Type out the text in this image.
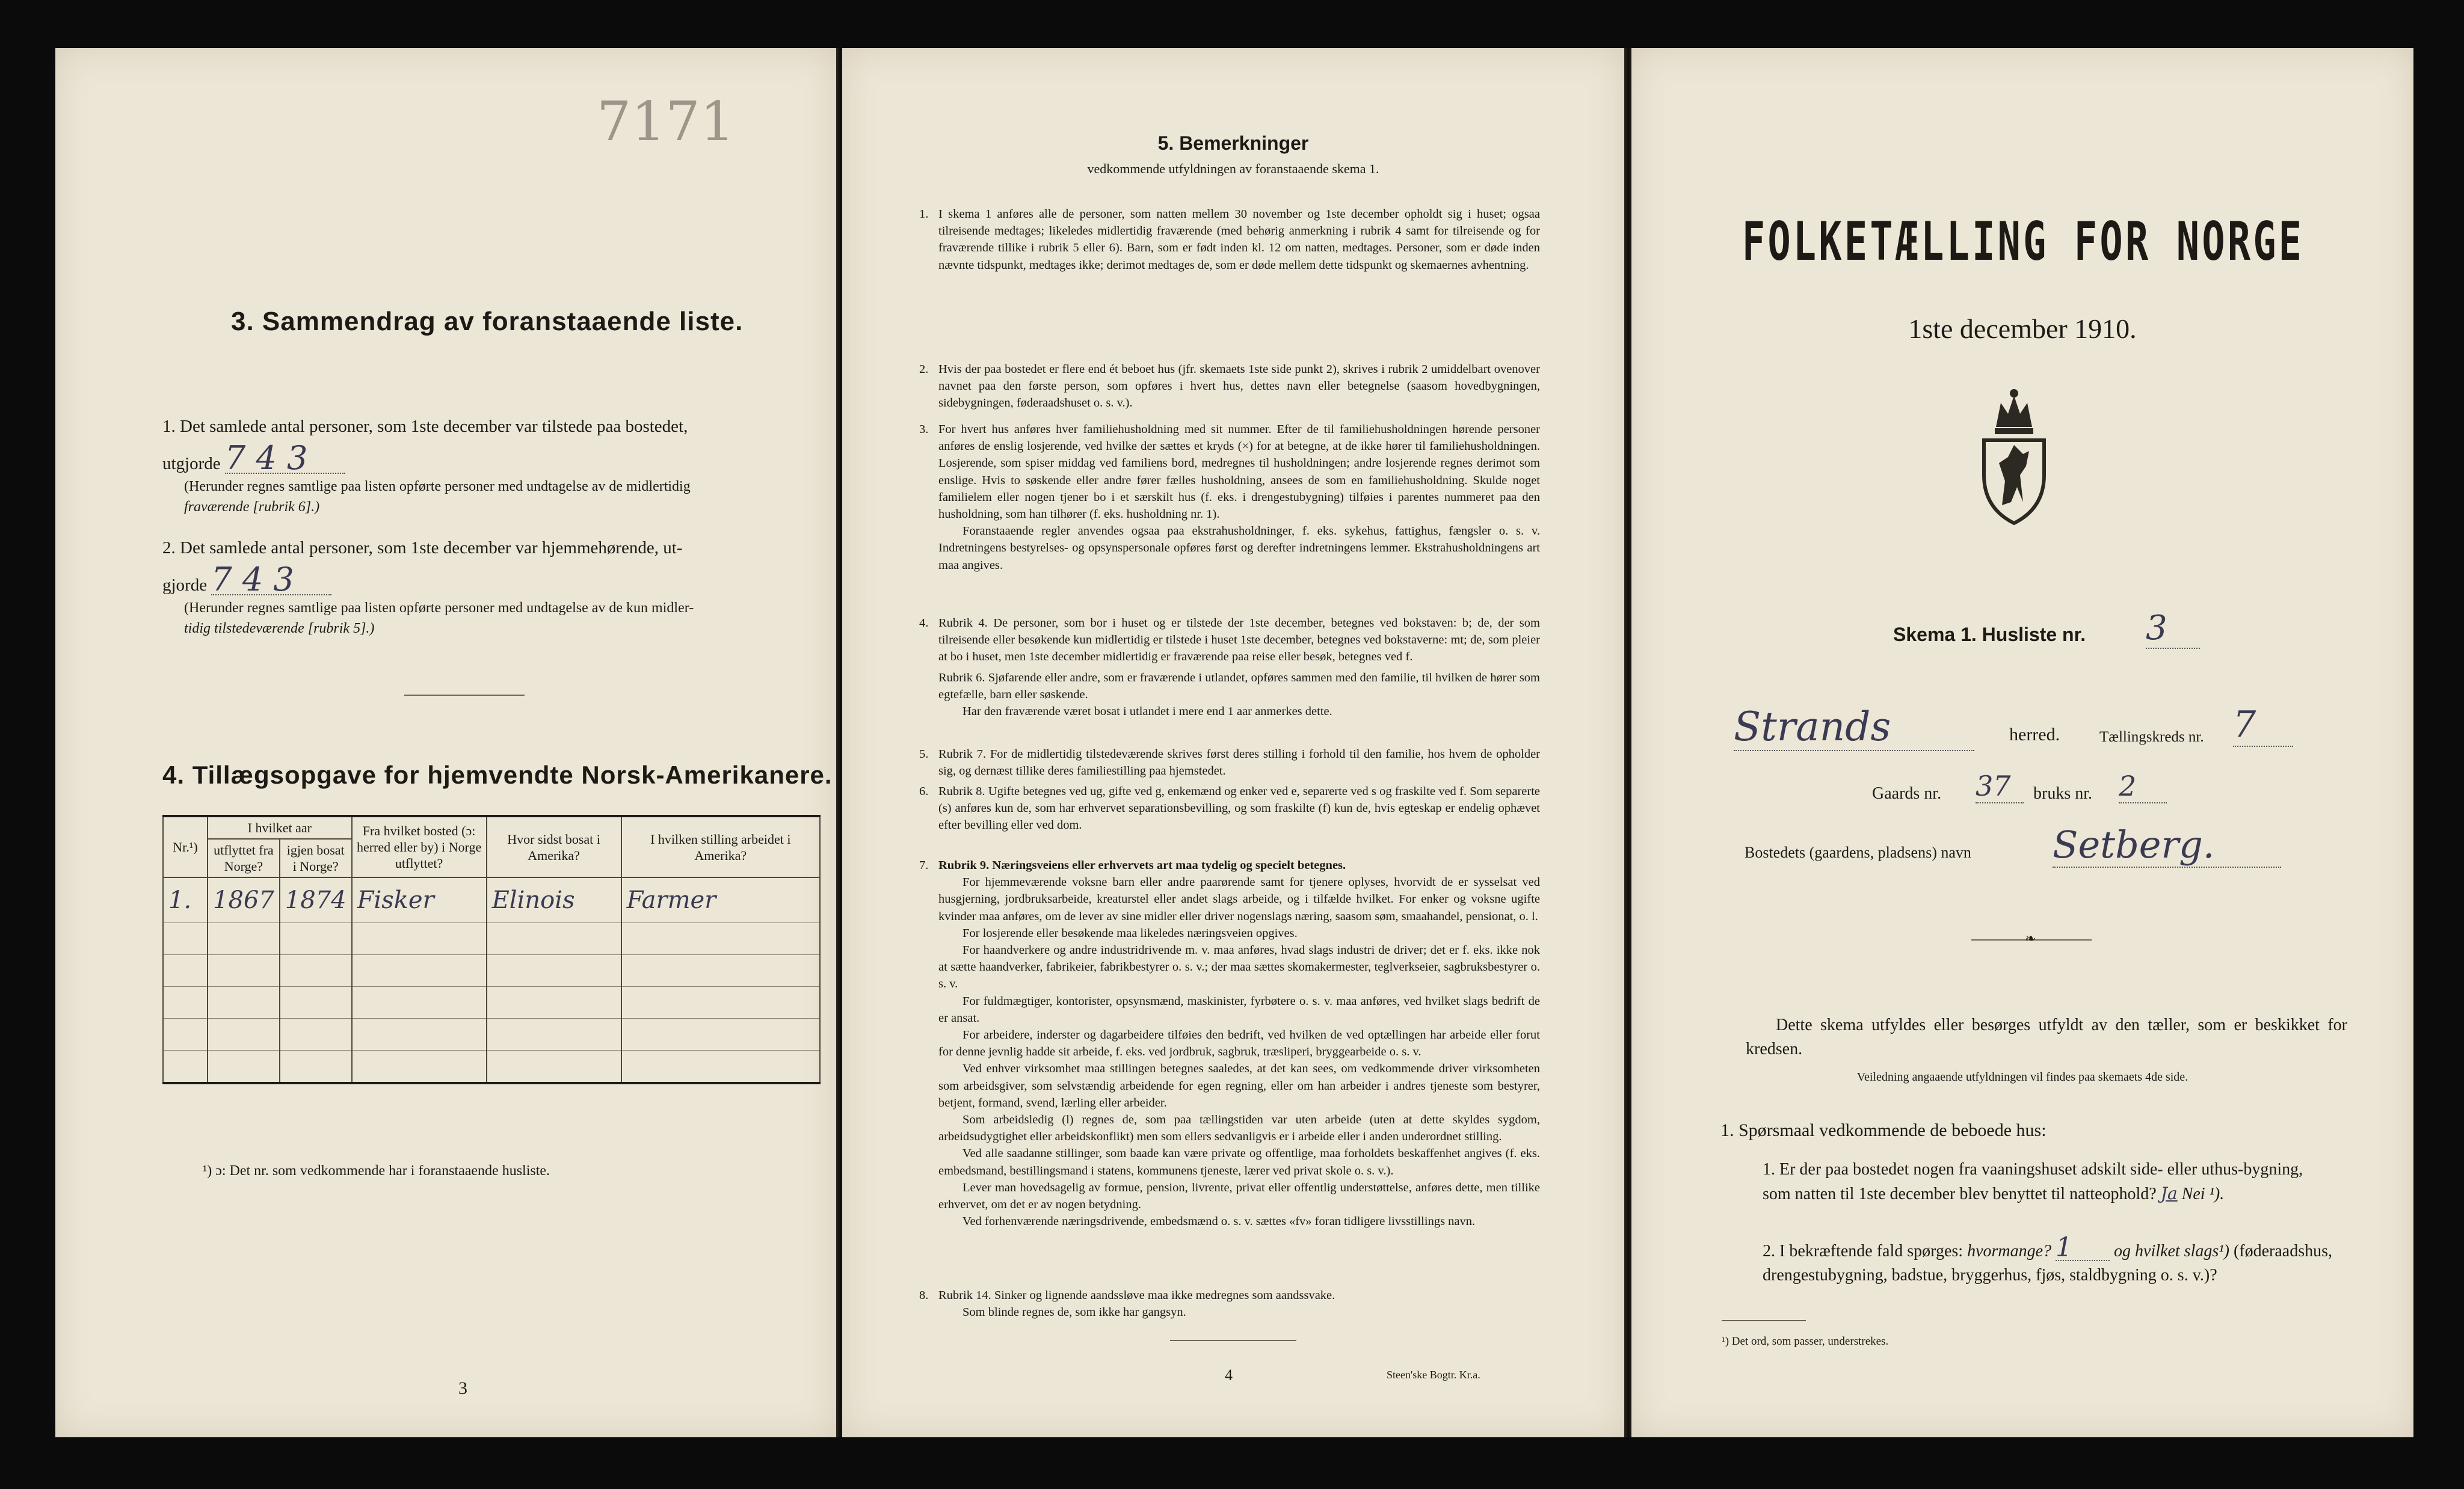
7171
3. Sammendrag av foranstaaende liste.
1. Det samlede antal personer, som 1ste december var tilstede paa bostedet,
utgjorde 7 4 3
(Herunder regnes samtlige paa listen opførte personer med undtagelse av de midlertidig
fraværende [rubrik 6].)
2. Det samlede antal personer, som 1ste december var hjemmehørende, ut-
gjorde 7 4 3
(Herunder regnes samtlige paa listen opførte personer med undtagelse av de kun midler-
tidig tilstedeværende [rubrik 5].)
4. Tillægsopgave for hjemvendte Norsk-Amerikanere.
Nr.¹)	I hvilket aar		Fra hvilket bosted (ɔ: herred eller by) i Norge utflyttet?	Hvor sidst bosat i Amerika?	I hvilken stilling arbeidet i Amerika?
	utflyttet fra Norge?	igjen bosat i Norge?			
1.	1867	1874	Fisker	Elinois	Farmer

¹) ɔ: Det nr. som vedkommende har i foranstaaende husliste.
3
5. Bemerkninger
vedkommende utfyldningen av foranstaaende skema 1.
1. I skema 1 anføres alle de personer, som natten mellem 30 november og 1ste december opholdt sig i huset; ogsaa tilreisende medtages; likeledes midlertidig fraværende (med behørig anmerkning i rubrik 4 samt for tilreisende og for fraværende tillike i rubrik 5 eller 6). Barn, som er født inden kl. 12 om natten, medtages. Personer, som er døde inden nævnte tidspunkt, medtages ikke; derimot medtages de, som er døde mellem dette tidspunkt og skemaernes avhentning.
2. Hvis der paa bostedet er flere end ét beboet hus (jfr. skemaets 1ste side punkt 2), skrives i rubrik 2 umiddelbart ovenover navnet paa den første person, som opføres i hvert hus, dettes navn eller betegnelse (saasom hovedbygningen, sidebygningen, føderaadshuset o. s. v.).
3. For hvert hus anføres hver familiehusholdning med sit nummer. Efter de til familiehusholdningen hørende personer anføres de enslig losjerende, ved hvilke der sættes et kryds (×) for at betegne, at de ikke hører til familiehusholdningen. Losjerende, som spiser middag ved familiens bord, medregnes til husholdningen; andre losjerende regnes derimot som enslige. Hvis to søskende eller andre fører fælles husholdning, ansees de som en familiehusholdning. Skulde noget familielem eller nogen tjener bo i et særskilt hus (f. eks. i drengestubygning) tilføies i parentes nummeret paa den husholdning, som han tilhører (f. eks. husholdning nr. 1).
Foranstaaende regler anvendes ogsaa paa ekstrahusholdninger, f. eks. sykehus, fattighus, fængsler o. s. v. Indretningens bestyrelses- og opsynspersonale opføres først og derefter indretningens lemmer. Ekstrahusholdningens art maa angives.
4. Rubrik 4. De personer, som bor i huset og er tilstede der 1ste december, betegnes ved bokstaven: b; de, der som tilreisende eller besøkende kun midlertidig er tilstede i huset 1ste december, betegnes ved bokstaverne: mt; de, som pleier at bo i huset, men 1ste december midlertidig er fraværende paa reise eller besøk, betegnes ved f.
Rubrik 6. Sjøfarende eller andre, som er fraværende i utlandet, opføres sammen med den familie, til hvilken de hører som egtefælle, barn eller søskende.
Har den fraværende været bosat i utlandet i mere end 1 aar anmerkes dette.
5. Rubrik 7. For de midlertidig tilstedeværende skrives først deres stilling i forhold til den familie, hos hvem de opholder sig, og dernæst tillike deres familiestilling paa hjemstedet.
6. Rubrik 8. Ugifte betegnes ved ug, gifte ved g, enkemænd og enker ved e, separerte ved s og fraskilte ved f. Som separerte (s) anføres kun de, som har erhvervet separationsbevilling, og som fraskilte (f) kun de, hvis egteskap er endelig ophævet efter bevilling eller ved dom.
7. Rubrik 9. Næringsveiens eller erhvervets art maa tydelig og specielt betegnes.
For hjemmeværende voksne barn eller andre paarørende samt for tjenere oplyses, hvorvidt de er sysselsat ved husgjerning, jordbruksarbeide, kreaturstel eller andet slags arbeide, og i tilfælde hvilket. For enker og voksne ugifte kvinder maa anføres, om de lever av sine midler eller driver nogenslags næring, saasom søm, smaahandel, pensionat, o. l.
For losjerende eller besøkende maa likeledes næringsveien opgives.
For haandverkere og andre industridrivende m. v. maa anføres, hvad slags industri de driver; det er f. eks. ikke nok at sætte haandverker, fabrikeier, fabrikbestyrer o. s. v.; der maa sættes skomakermester, teglverkseier, sagbruksbestyrer o. s. v.
For fuldmægtiger, kontorister, opsynsmænd, maskinister, fyrbøtere o. s. v. maa anføres, ved hvilket slags bedrift de er ansat.
For arbeidere, inderster og dagarbeidere tilføies den bedrift, ved hvilken de ved optællingen har arbeide eller forut for denne jevnlig hadde sit arbeide, f. eks. ved jordbruk, sagbruk, træsliperi, bryggearbeide o. s. v.
Ved enhver virksomhet maa stillingen betegnes saaledes, at det kan sees, om vedkommende driver virksomheten som arbeidsgiver, som selvstændig arbeidende for egen regning, eller om han arbeider i andres tjeneste som bestyrer, betjent, formand, svend, lærling eller arbeider.
Som arbeidsledig (l) regnes de, som paa tællingstiden var uten arbeide (uten at dette skyldes sygdom, arbeidsudygtighet eller arbeidskonflikt) men som ellers sedvanligvis er i arbeide eller i anden underordnet stilling.
Ved alle saadanne stillinger, som baade kan være private og offentlige, maa forholdets beskaffenhet angives (f. eks. embedsmand, bestillingsmand i statens, kommunens tjeneste, lærer ved privat skole o. s. v.).
Lever man hovedsagelig av formue, pension, livrente, privat eller offentlig understøttelse, anføres dette, men tillike erhvervet, om det er av nogen betydning.
Ved forhenværende næringsdrivende, embedsmænd o. s. v. sættes «fv» foran tidligere livsstillings navn.
8. Rubrik 14. Sinker og lignende aandssløve maa ikke medregnes som aandssvake.
Som blinde regnes de, som ikke har gangsyn.
4	Steen'ske Bogtr. Kr.a.
FOLKETÆLLING FOR NORGE
1ste december 1910.
Skema 1. Husliste nr. 3
Strands	herred.	Tællingskreds nr. 7
Gaards nr. 37	bruks nr. 2
Bostedets (gaardens, pladsens) navn Setberg.
❧
Dette skema utfyldes eller besørges utfyldt av den tæller, som er beskikket for kredsen.
Veiledning angaaende utfyldningen vil findes paa skemaets 4de side.
1. Spørsmaal vedkommende de beboede hus:
1. Er der paa bostedet nogen fra vaaningshuset adskilt side- eller uthus-bygning, som natten til 1ste december blev benyttet til natteophold? Ja Nei ¹).
2. I bekræftende fald spørges: hvormange? 1 og hvilket slags¹) (føderaadshus, drengestubygning, badstue, bryggerhus, fjøs, staldbygning o. s. v.)?
¹) Det ord, som passer, understrekes.
